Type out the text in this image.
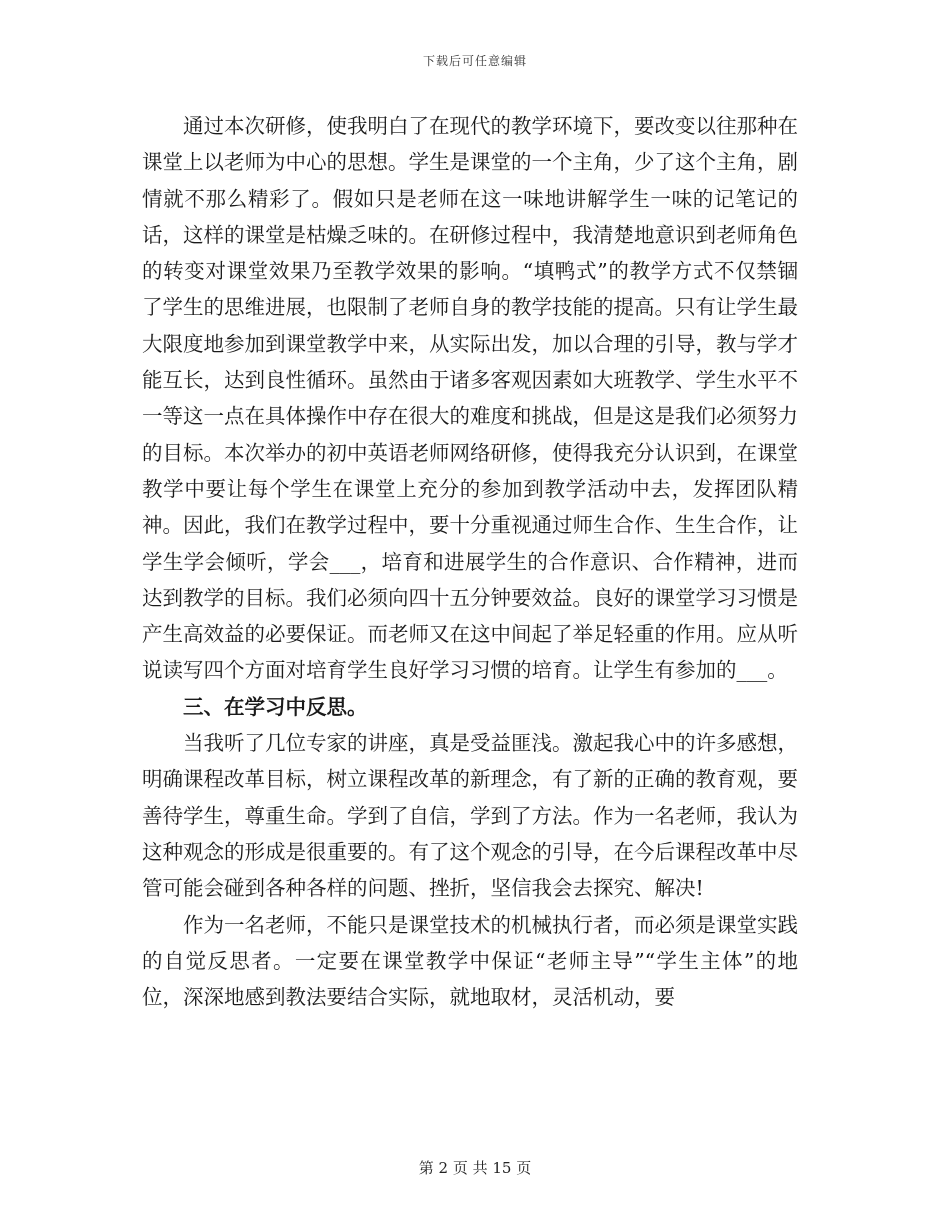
下载后可任意编辑

通过本次研修，使我明白了在现代的教学环境下，要改变以往那种在课堂上以老师为中心的思想。学生是课堂的一个主角，少了这个主角，剧情就不那么精彩了。假如只是老师在这一味地讲解学生一味的记笔记的话，这样的课堂是枯燥乏味的。在研修过程中，我清楚地意识到老师角色的转变对课堂效果乃至教学效果的影响。“填鸭式”的教学方式不仅禁锢了学生的思维进展，也限制了老师自身的教学技能的提高。只有让学生最大限度地参加到课堂教学中来，从实际出发，加以合理的引导，教与学才能互长，达到良性循环。虽然由于诸多客观因素如大班教学、学生水平不一等这一点在具体操作中存在很大的难度和挑战，但是这是我们必须努力的目标。本次举办的初中英语老师网络研修，使得我充分认识到，在课堂教学中要让每个学生在课堂上充分的参加到教学活动中去，发挥团队精神。因此，我们在教学过程中，要十分重视通过师生合作、生生合作，让学生学会倾听，学会___，培育和进展学生的合作意识、合作精神，进而达到教学的目标。我们必须向四十五分钟要效益。良好的课堂学习习惯是产生高效益的必要保证。而老师又在这中间起了举足轻重的作用。应从听说读写四个方面对培育学生良好学习习惯的培育。让学生有参加的___。

三、在学习中反思。

当我听了几位专家的讲座，真是受益匪浅。激起我心中的许多感想，明确课程改革目标，树立课程改革的新理念，有了新的正确的教育观，要善待学生，尊重生命。学到了自信，学到了方法。作为一名老师，我认为这种观念的形成是很重要的。有了这个观念的引导，在今后课程改革中尽管可能会碰到各种各样的问题、挫折，坚信我会去探究、解决!

作为一名老师，不能只是课堂技术的机械执行者，而必须是课堂实践的自觉反思者。一定要在课堂教学中保证“老师主导”“学生主体”的地位，深深地感到教法要结合实际，就地取材，灵活机动，要

第 2 页 共 15 页
